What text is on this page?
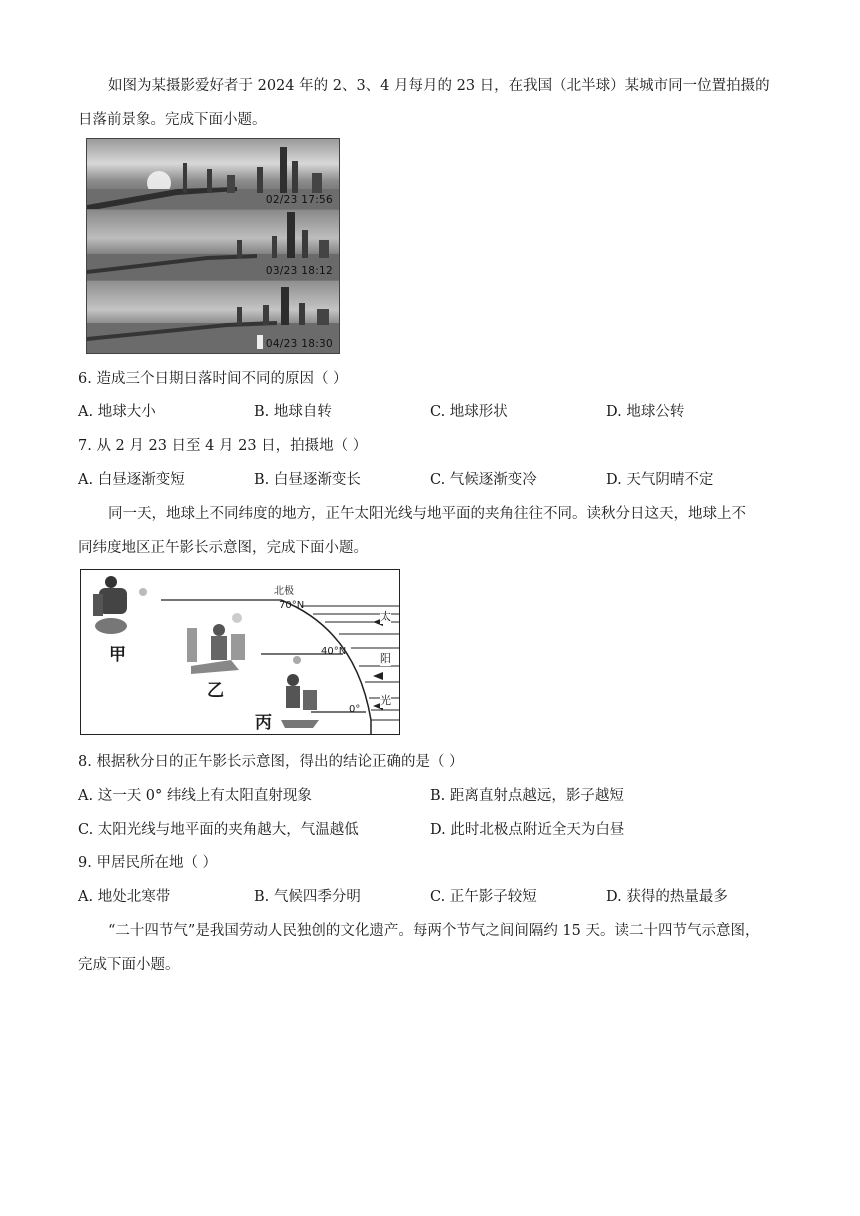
如图为某摄影爱好者于 2024 年的 2、3、4 月每月的 23 日，在我国（北半球）某城市同一位置拍摄的
日落前景象。完成下面小题。
02/23 17:56
03/23 18:12
04/23 18:30
6. 造成三个日期日落时间不同的原因（ ）
A. 地球大小	B. 地球自转	C. 地球形状	D. 地球公转
7. 从 2 月 23 日至 4 月 23 日，拍摄地（ ）
A. 白昼逐渐变短	B. 白昼逐渐变长	C. 气候逐渐变冷	D. 天气阴晴不定
同一天，地球上不同纬度的地方，正午太阳光线与地平面的夹角往往不同。读秋分日这天，地球上不
同纬度地区正午影长示意图，完成下面小题。
北极
70°N
40°N
0°
太
阳
光
甲
乙
丙
8. 根据秋分日的正午影长示意图，得出的结论正确的是（ ）
A. 这一天 0° 纬线上有太阳直射现象	B. 距离直射点越远，影子越短
C. 太阳光线与地平面的夹角越大，气温越低	D. 此时北极点附近全天为白昼
9. 甲居民所在地（ ）
A. 地处北寒带	B. 气候四季分明	C. 正午影子较短	D. 获得的热量最多
“二十四节气”是我国劳动人民独创的文化遗产。每两个节气之间间隔约 15 天。读二十四节气示意图，
完成下面小题。
